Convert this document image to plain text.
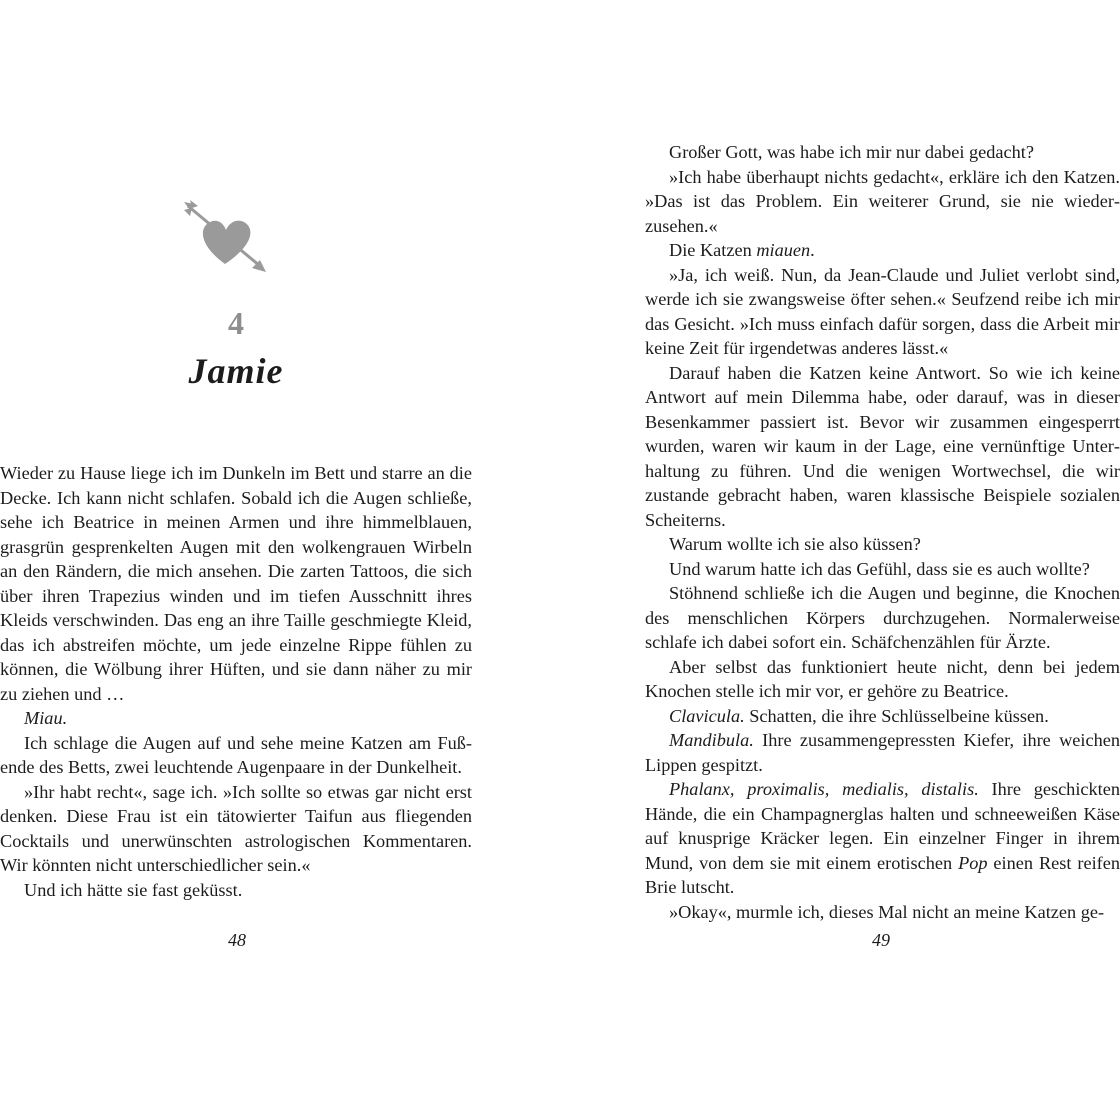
4
Jamie

Wieder zu Hause liege ich im Dunkeln im Bett und starre an die Decke. Ich kann nicht schlafen. Sobald ich die Augen schließe, sehe ich Beatrice in meinen Armen und ihre himmelblauen, grasgrün gesprenkelten Augen mit den wolkengrauen Wirbeln an den Rändern, die mich ansehen. Die zarten Tattoos, die sich über ihren Trapezius winden und im tiefen Ausschnitt ihres Kleids verschwinden. Das eng an ihre Taille geschmiegte Kleid, das ich abstreifen möchte, um jede einzelne Rippe fühlen zu können, die Wölbung ihrer Hüften, und sie dann näher zu mir zu ziehen und …

Miau.

Ich schlage die Augen auf und sehe meine Katzen am Fußende des Betts, zwei leuchtende Augenpaare in der Dunkelheit.

»Ihr habt recht«, sage ich. »Ich sollte so etwas gar nicht erst denken. Diese Frau ist ein tätowierter Taifun aus fliegenden Cocktails und unerwünschten astrologischen Kommentaren. Wir könnten nicht unterschiedlicher sein.«

Und ich hätte sie fast geküsst.

48

Großer Gott, was habe ich mir nur dabei gedacht?

»Ich habe überhaupt nichts gedacht«, erkläre ich den Katzen. »Das ist das Problem. Ein weiterer Grund, sie nie wiederzusehen.«

Die Katzen miauen.

»Ja, ich weiß. Nun, da Jean-Claude und Juliet verlobt sind, werde ich sie zwangsweise öfter sehen.« Seufzend reibe ich mir das Gesicht. »Ich muss einfach dafür sorgen, dass die Arbeit mir keine Zeit für irgendetwas anderes lässt.«

Darauf haben die Katzen keine Antwort. So wie ich keine Antwort auf mein Dilemma habe, oder darauf, was in dieser Besenkammer passiert ist. Bevor wir zusammen eingesperrt wurden, waren wir kaum in der Lage, eine vernünftige Unterhaltung zu führen. Und die wenigen Wortwechsel, die wir zustande gebracht haben, waren klassische Beispiele sozialen Scheiterns.

Warum wollte ich sie also küssen?

Und warum hatte ich das Gefühl, dass sie es auch wollte?

Stöhnend schließe ich die Augen und beginne, die Knochen des menschlichen Körpers durchzugehen. Normalerweise schlafe ich dabei sofort ein. Schäfchenzählen für Ärzte.

Aber selbst das funktioniert heute nicht, denn bei jedem Knochen stelle ich mir vor, er gehöre zu Beatrice.

Clavicula. Schatten, die ihre Schlüsselbeine küssen.

Mandibula. Ihre zusammengepressten Kiefer, ihre weichen Lippen gespitzt.

Phalanx, proximalis, medialis, distalis. Ihre geschickten Hände, die ein Champagnerglas halten und schneeweißen Käse auf knusprige Kräcker legen. Ein einzelner Finger in ihrem Mund, von dem sie mit einem erotischen Pop einen Rest reifen Brie lutscht.

»Okay«, murmle ich, dieses Mal nicht an meine Katzen ge-

49
